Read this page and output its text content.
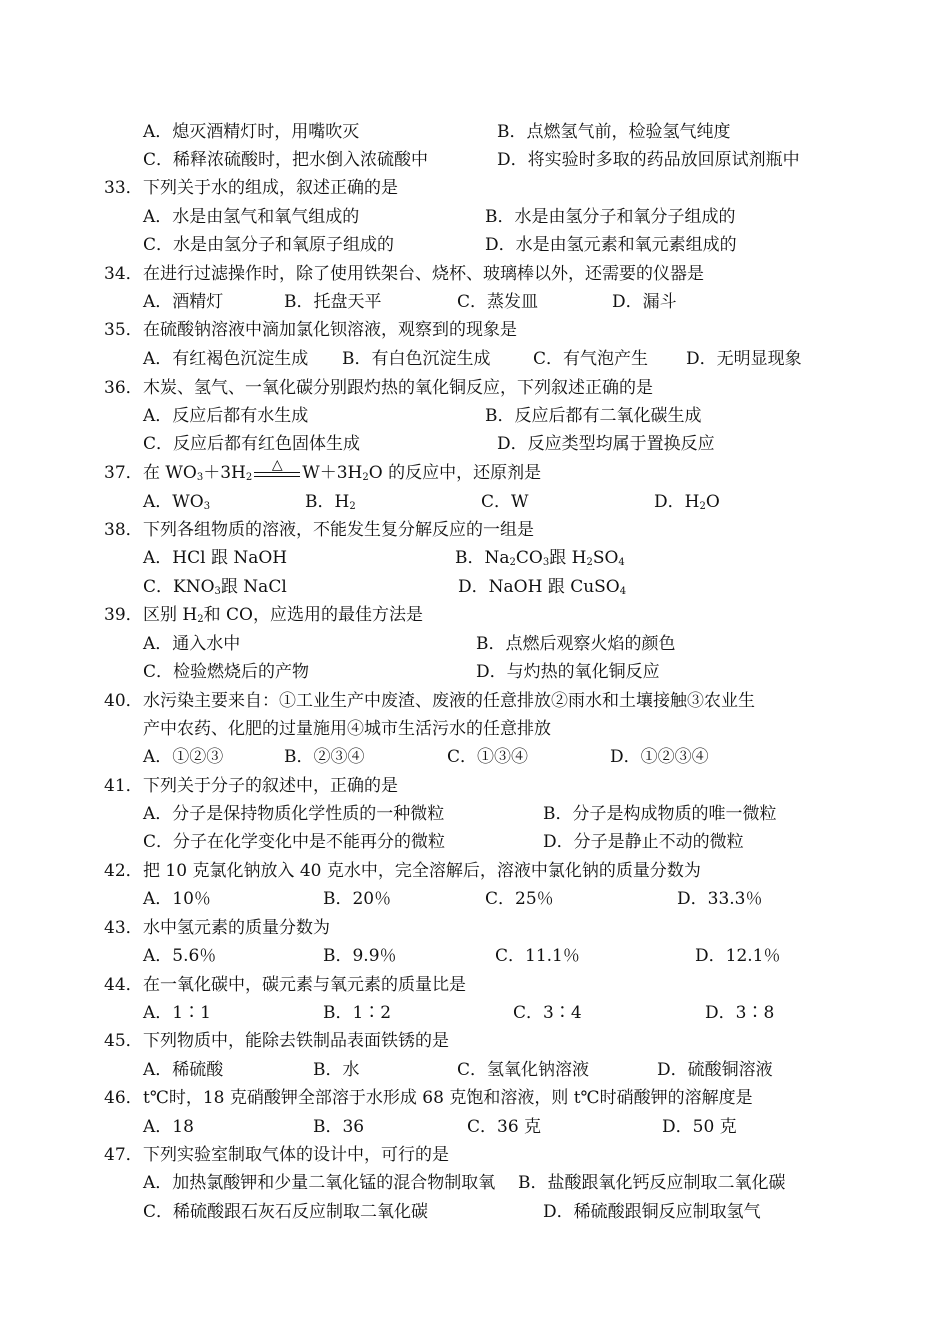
A．熄灭酒精灯时，用嘴吹灭	B．点燃氢气前，检验氢气纯度
C．稀释浓硫酸时，把水倒入浓硫酸中	D．将实验时多取的药品放回原试剂瓶中
33． 下列关于水的组成，叙述正确的是
A．水是由氢气和氧气组成的	B．水是由氢分子和氧分子组成的
C．水是由氢分子和氧原子组成的	D．水是由氢元素和氧元素组成的
34． 在进行过滤操作时，除了使用铁架台、烧杯、玻璃棒以外，还需要的仪器是
A．酒精灯	B．托盘天平	C．蒸发皿	D．漏斗
35． 在硫酸钠溶液中滴加氯化钡溶液，观察到的现象是
A．有红褐色沉淀生成 B．有白色沉淀生成	C．有气泡产生 D．无明显现象
36． 木炭、氢气、一氧化碳分别跟灼热的氧化铜反应，下列叙述正确的是
A．反应后都有水生成	B．反应后都有二氧化碳生成
C．反应后都有红色固体生成	D．反应类型均属于置换反应
37． 在 $WO_3+3H_2$
△	$W+3H_2O$ 的反应中，还原剂是
A．$WO_3$	B．$H_2$	C．W	D．$H_2O$
38． 下列各组物质的溶液，不能发生复分解反应的一组是
A．HCl 跟 NaOH	B．$Na_2CO_3$跟 $H_2SO_4$
C．$KNO_3$跟 NaCl	D．NaOH 跟 CuSO$_4$
39． 区别 $H_2$和 CO，应选用的最佳方法是
A．通入水中	B．点燃后观察火焰的颜色
C．检验燃烧后的产物	D．与灼热的氧化铜反应
40． 水污染主要来自：①工业生产中废渣、废液的任意排放②雨水和土壤接触③农业生
产中农药、化肥的过量施用④城市生活污水的任意排放
A．①②③	B．②③④	C．①③④	D．①②③④
41． 下列关于分子的叙述中，正确的是
A．分子是保持物质化学性质的一种微粒	B．分子是构成物质的唯一微粒
C．分子在化学变化中是不能再分的微粒	D．分子是静止不动的微粒
42． 把 10 克氯化钠放入 40 克水中，完全溶解后，溶液中氯化钠的质量分数为
A．10％	B．20％	C．25％	D．33.3％
43． 水中氢元素的质量分数为
A．5.6％	B．9.9％	C．11.1％	D．12.1％
44． 在一氧化碳中，碳元素与氧元素的质量比是
A．1∶1	B．1∶2	C．3∶4	D．3∶8
45． 下列物质中，能除去铁制品表面铁锈的是
A．稀硫酸	B．水	C．氢氧化钠溶液	D．硫酸铜溶液
46． t℃时，18 克硝酸钾全部溶于水形成 68 克饱和溶液，则 t℃时硝酸钾的溶解度是
A．18	B．36	C．36 克	D．50 克
47． 下列实验室制取气体的设计中，可行的是
A．加热氯酸钾和少量二氧化锰的混合物制取氧 B．盐酸跟氧化钙反应制取二氧化碳
C．稀硫酸跟石灰石反应制取二氧化碳	D．稀硫酸跟铜反应制取氢气
